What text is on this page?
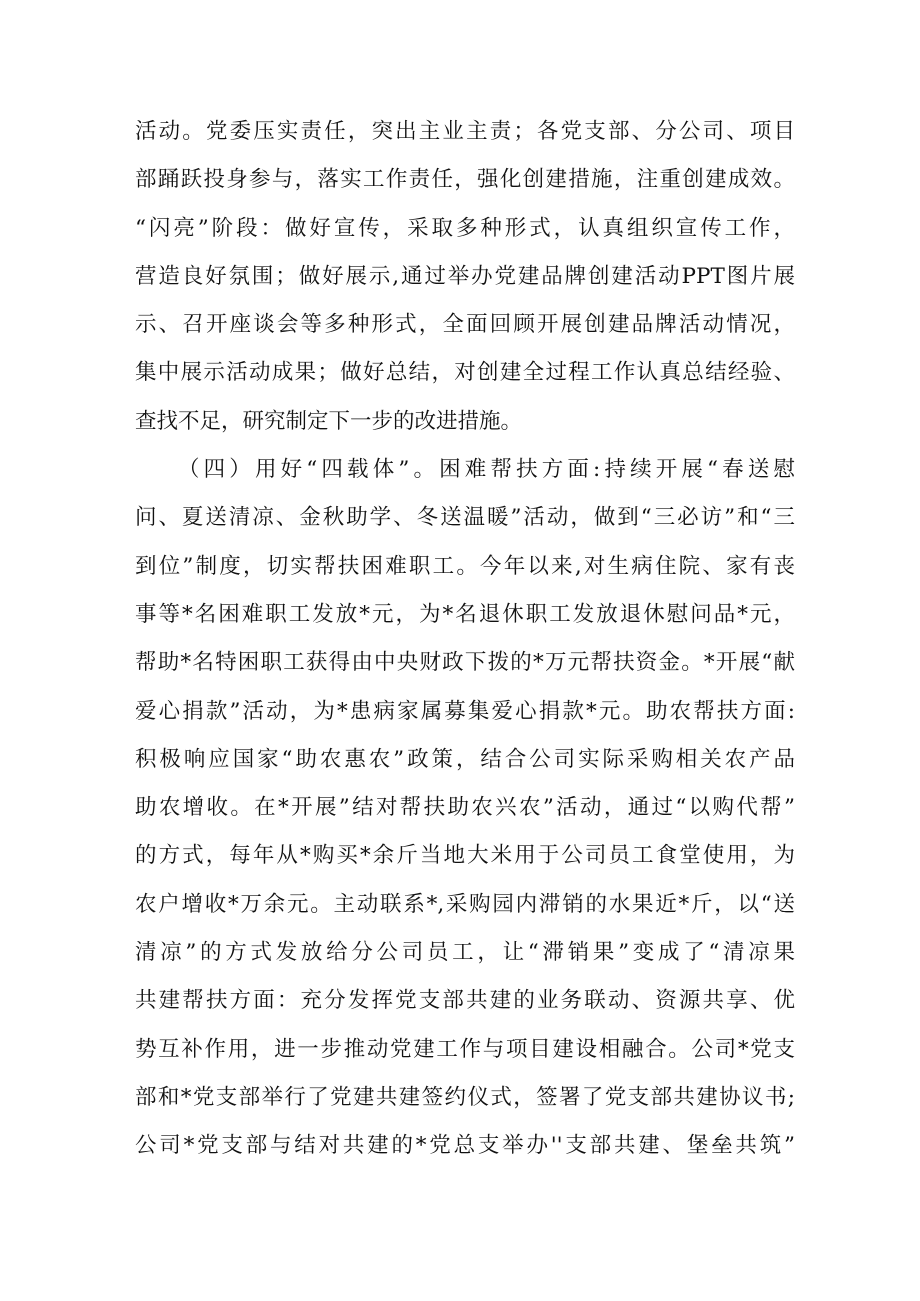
活动。党委压实责任，突出主业主责；各党支部、分公司、项目
部踊跃投身参与，落实工作责任，强化创建措施，注重创建成效。
“闪亮”阶段：做好宣传，采取多种形式，认真组织宣传工作，
营造良好氛围；做好展示,通过举办党建品牌创建活动PPT图片展
示、召开座谈会等多种形式，全面回顾开展创建品牌活动情况，
集中展示活动成果；做好总结，对创建全过程工作认真总结经验、
查找不足，研究制定下一步的改进措施。
（四）用好“四载体”。困难帮扶方面:持续开展“春送慰
问、夏送清凉、金秋助学、冬送温暖”活动，做到“三必访”和“三
到位”制度，切实帮扶困难职工。今年以来,对生病住院、家有丧
事等*名困难职工发放*元，为*名退休职工发放退休慰问品*元，
帮助*名特困职工获得由中央财政下拨的*万元帮扶资金。*开展“献
爱心捐款”活动，为*患病家属募集爱心捐款*元。助农帮扶方面:
积极响应国家“助农惠农”政策，结合公司实际采购相关农产品
助农增收。在*开展”结对帮扶助农兴农”活动，通过“以购代帮”
的方式，每年从*购买*余斤当地大米用于公司员工食堂使用，为
农户增收*万余元。主动联系*,采购园内滞销的水果近*斤，以“送
清凉”的方式发放给分公司员工，让“滞销果”变成了“清凉果
共建帮扶方面：充分发挥党支部共建的业务联动、资源共享、优
势互补作用，进一步推动党建工作与项目建设相融合。公司*党支
部和*党支部举行了党建共建签约仪式，签署了党支部共建协议书;
公司*党支部与结对共建的*党总支举办''支部共建、堡垒共筑”
